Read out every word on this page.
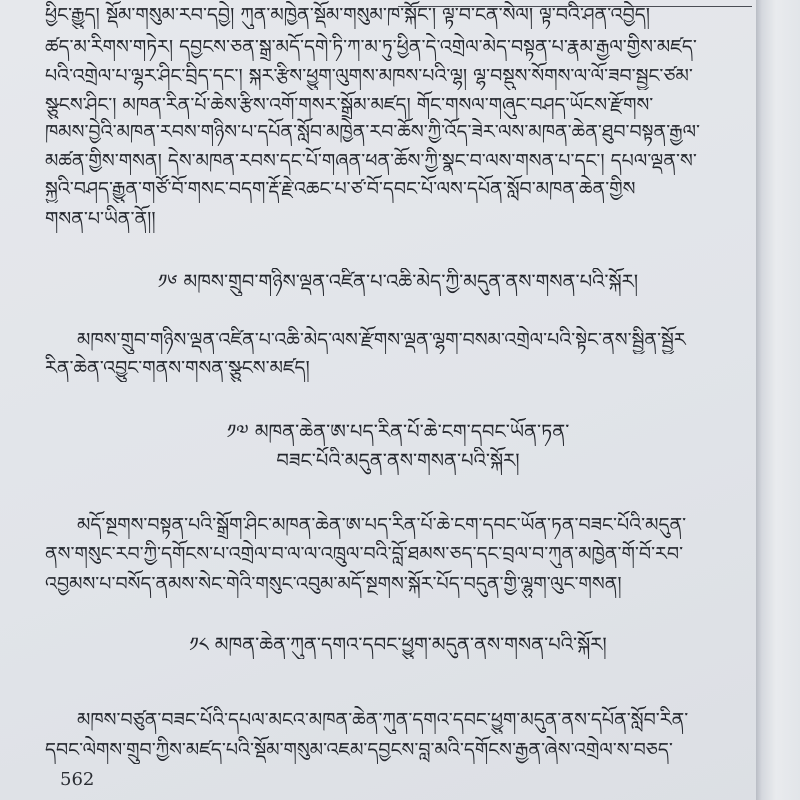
ཕྱིང་རྒྱུད། སྡོམ་གསུམ་རབ་དབྱེ། ཀུན་མཁྱེན་སྡོམ་གསུམ་ཁ་སྐོང་། ལྟ་བ་ངན་སེལ། ལྟ་བའི་ཤན་འབྱེད།
ཚད་མ་རིགས་གཏེར། དབྱངས་ཅན་སྒྲ་མདོ་དགེ་ཏི་ཀ་མ་ཏུ་ཕྱིན་དེ་འགྲེལ་མེད་བསྟན་པ་རྣམ་རྒྱལ་གྱིས་མཛད་
པའི་འགྲེལ་པ་ལྷར་ཤིང་བྲིད་དང་། སྐར་རྩིས་ཕྱུག་ལུགས་མཁས་པའི་ལྷ། ལྷ་བསྡུས་སོགས་ལ་ལོ་ཟབ་སྦྱང་ཙམ་
སྩུངས་ཤིང་། མཁན་རིན་པོ་ཆེས་རྩིས་འགོ་གསར་སྒྲོམ་མཛད། གོང་གསལ་གཞུང་བཤད་ཡོངས་རྫོགས་
ཁམས་བྱེའི་མཁན་རབས་གཉིས་པ་དཔོན་སློབ་མཁྱེན་རབ་ཆོས་ཀྱི་འོད་ཟེར་ལས་མཁན་ཆེན་ཐུབ་བསྟན་རྒྱལ་
མཚན་གྱིས་གསན། དེས་མཁན་རབས་དང་པོ་གཞན་ཕན་ཆོས་ཀྱི་སྣང་བ་ལས་གསན་པ་དང་། དཔལ་ལྡན་ས་
སྐྱའི་བཤད་རྒྱུན་གཙོ་བོ་གསང་བདག་རྡོ་རྗེ་འཆང་པ་ཙ་བོ་དབང་པོ་ལས་དཔོན་སློབ་མཁན་ཆེན་གྱིས
གསན་པ་ཡིན་ནོ།།
༡༦ མཁས་གྲུབ་གཉིས་ལྡན་འཛིན་པ་འཆི་མེད་ཀྱི་མདུན་ནས་གསན་པའི་སྐོར།
མཁས་གྲུབ་གཉིས་ལྡན་འཛིན་པ་འཆི་མེད་ལས་རྫོགས་ལྡན་ལྷག་བསམ་འགྲེལ་པའི་སྟེང་ནས་སྦྱིན་སྦྱོར
རིན་ཆེན་འབྱུང་གནས་གསན་སྩུངས་མཛད།
༡༧ མཁན་ཆེན་ཨ་པད་རིན་པོ་ཆེ་ངག་དབང་ཡོན་ཏན་
བཟང་པོའི་མདུན་ནས་གསན་པའི་སྐོར།
མདོ་སྔགས་བསྟན་པའི་སྒྲོག་ཤིང་མཁན་ཆེན་ཨ་པད་རིན་པོ་ཆེ་ངག་དབང་ཡོན་ཏན་བཟང་པོའི་མདུན་
ནས་གསུང་རབ་ཀྱི་དགོངས་པ་འགྲེལ་བ་ལ་ལ་འཁྲུལ་བའི་བློ་ཐམས་ཅད་དང་བྲལ་བ་ཀུན་མཁྱེན་གོ་བོ་རབ་
འབྱམས་པ་བསོད་ནམས་སེང་གེའི་གསུང་འབུམ་མདོ་སྔགས་སྐོར་པོད་བདུན་གྱི་ལྷུག་ལུང་གསན།
༡༨ མཁན་ཆེན་ཀུན་དགའ་དབང་ཕྱུག་མདུན་ནས་གསན་པའི་སྐོར།
མཁས་བཙུན་བཟང་པོའི་དཔལ་མངའ་མཁན་ཆེན་ཀུན་དགའ་དབང་ཕྱུག་མདུན་ནས་དཔོན་སློབ་རིན་
དབང་ལེགས་གྲུབ་ཀྱིས་མཛད་པའི་སྡོམ་གསུམ་འཇམ་དབྱངས་བླ་མའི་དགོངས་རྒྱན་ཞེས་འགྲེལ་ས་བཅད་
562
